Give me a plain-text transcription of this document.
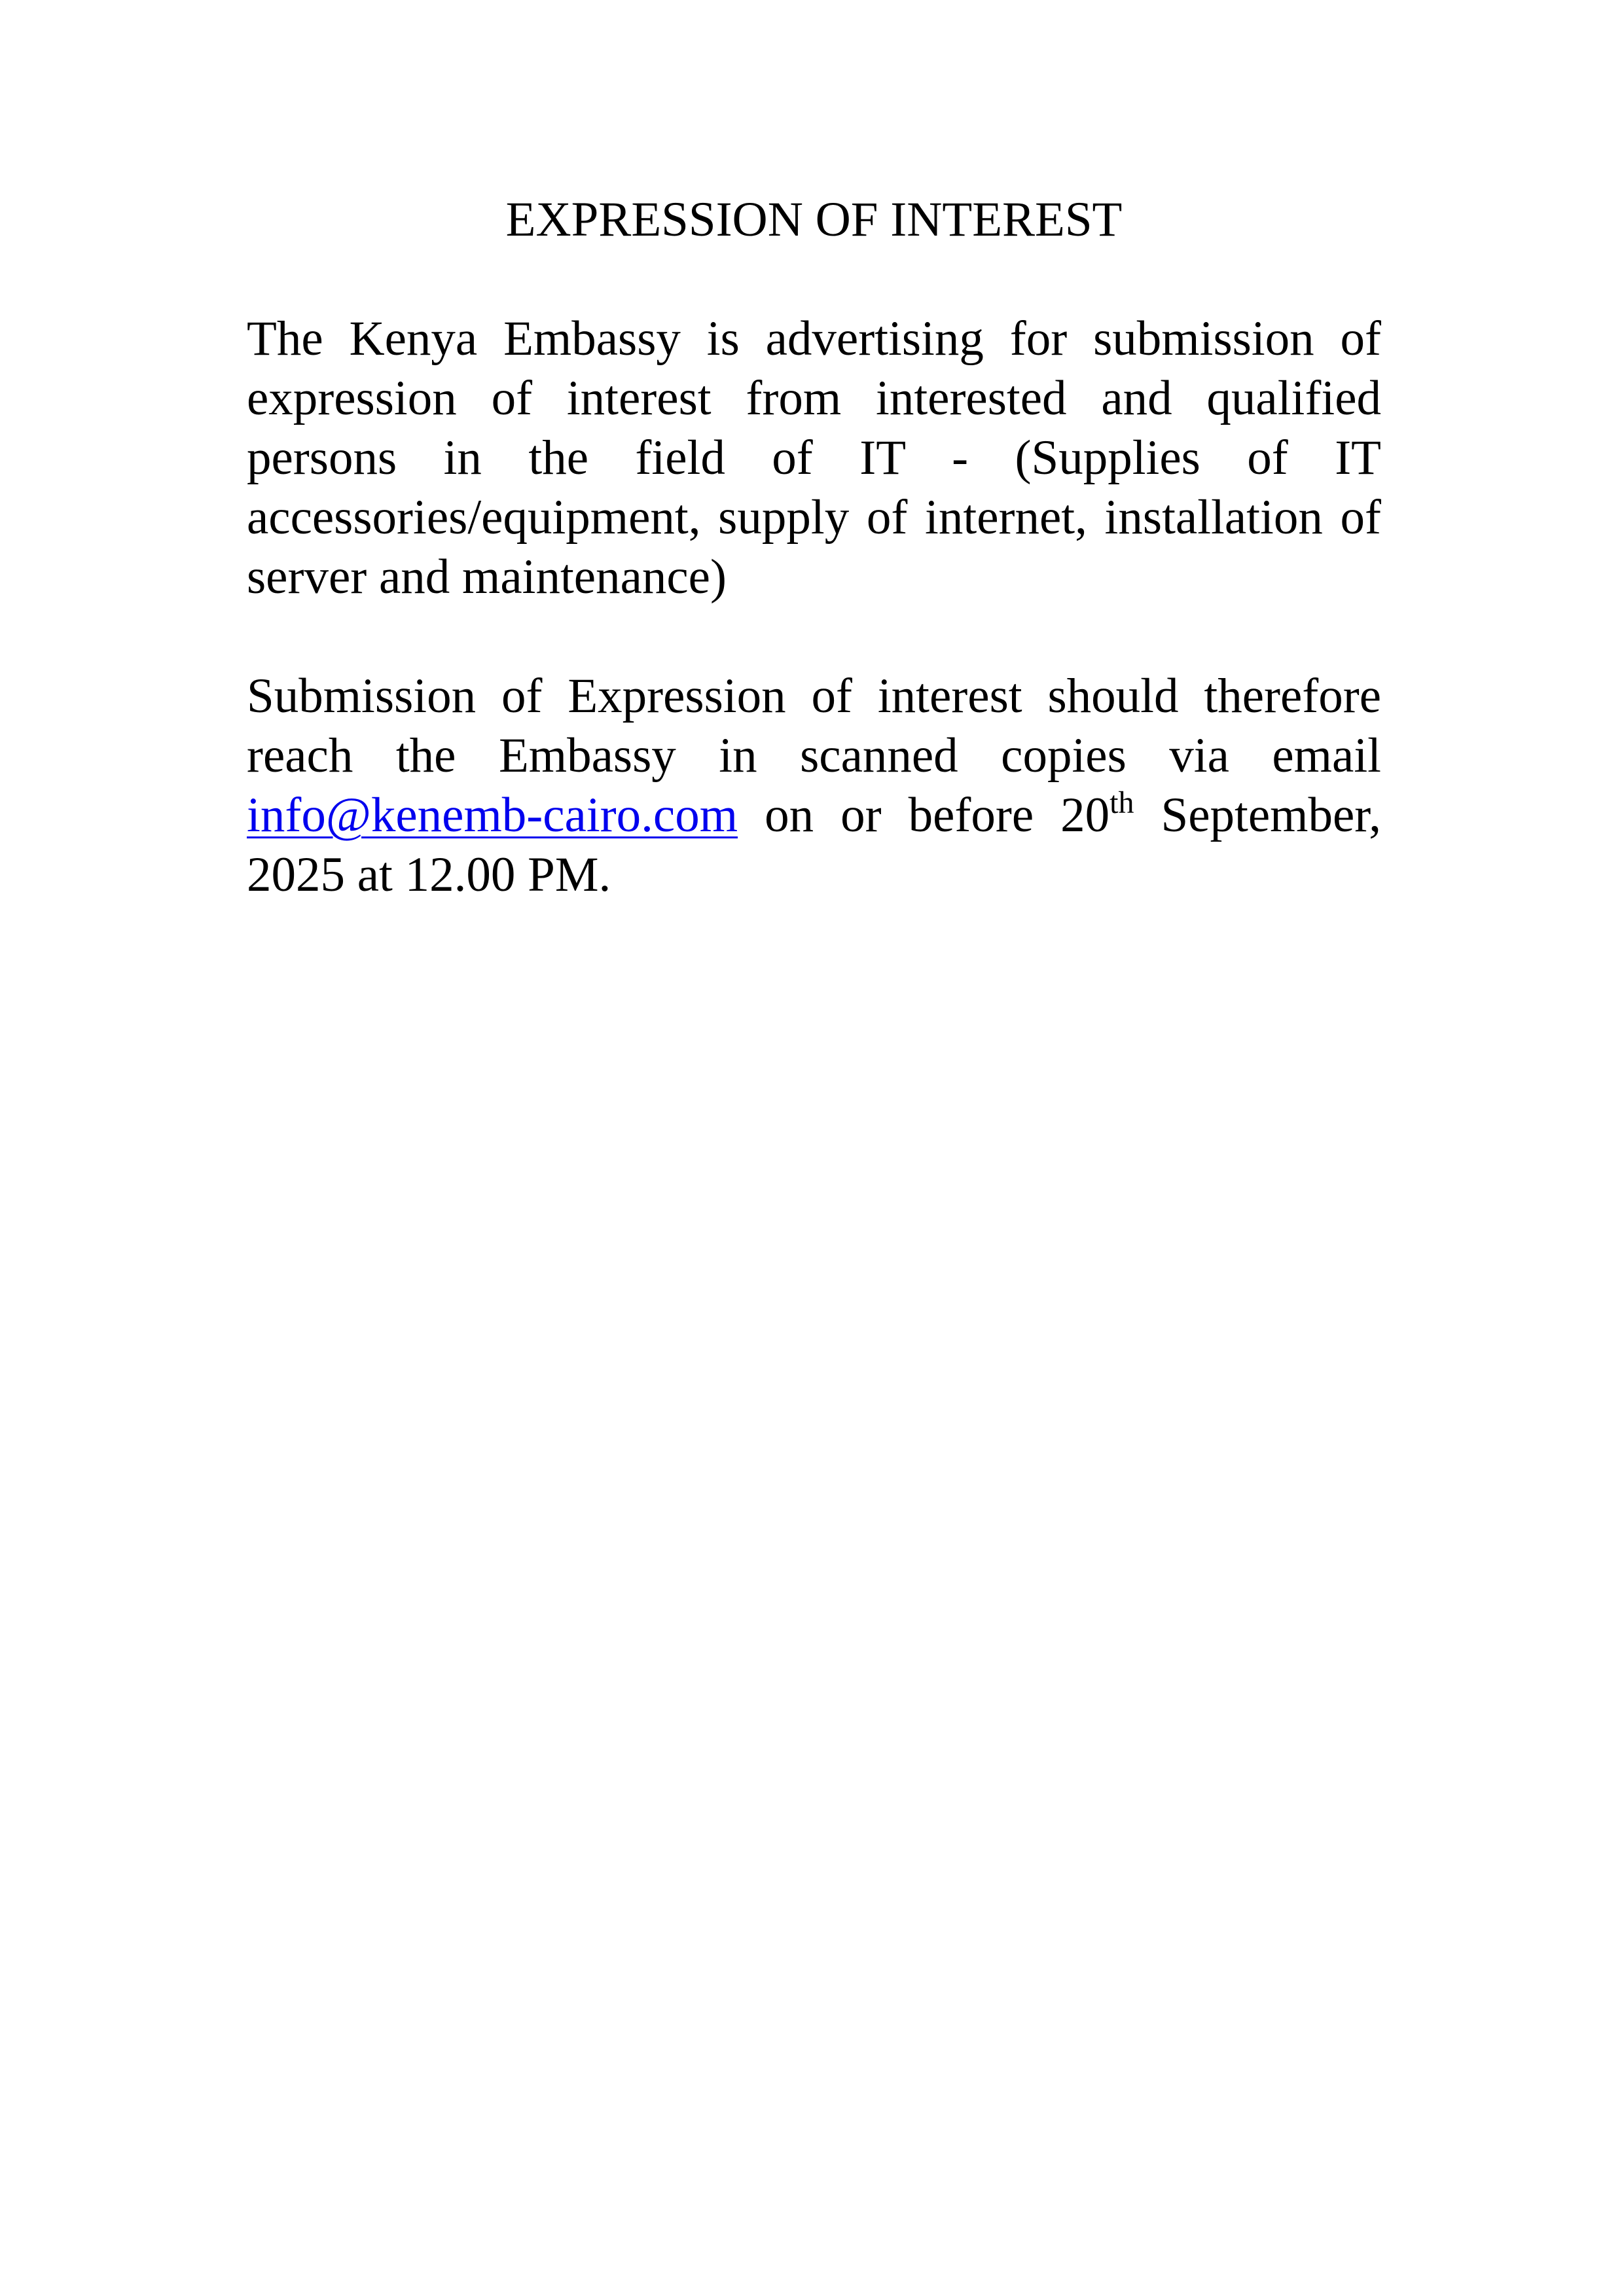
EXPRESSION OF INTEREST

The Kenya Embassy is advertising for submission of expression of interest from interested and qualified persons in the field of IT - (Supplies of IT accessories/equipment, supply of internet, installation of server and maintenance)

Submission of Expression of interest should therefore reach the Embassy in scanned copies via email info@kenemb-cairo.com on or before 20th September, 2025 at 12.00 PM.
